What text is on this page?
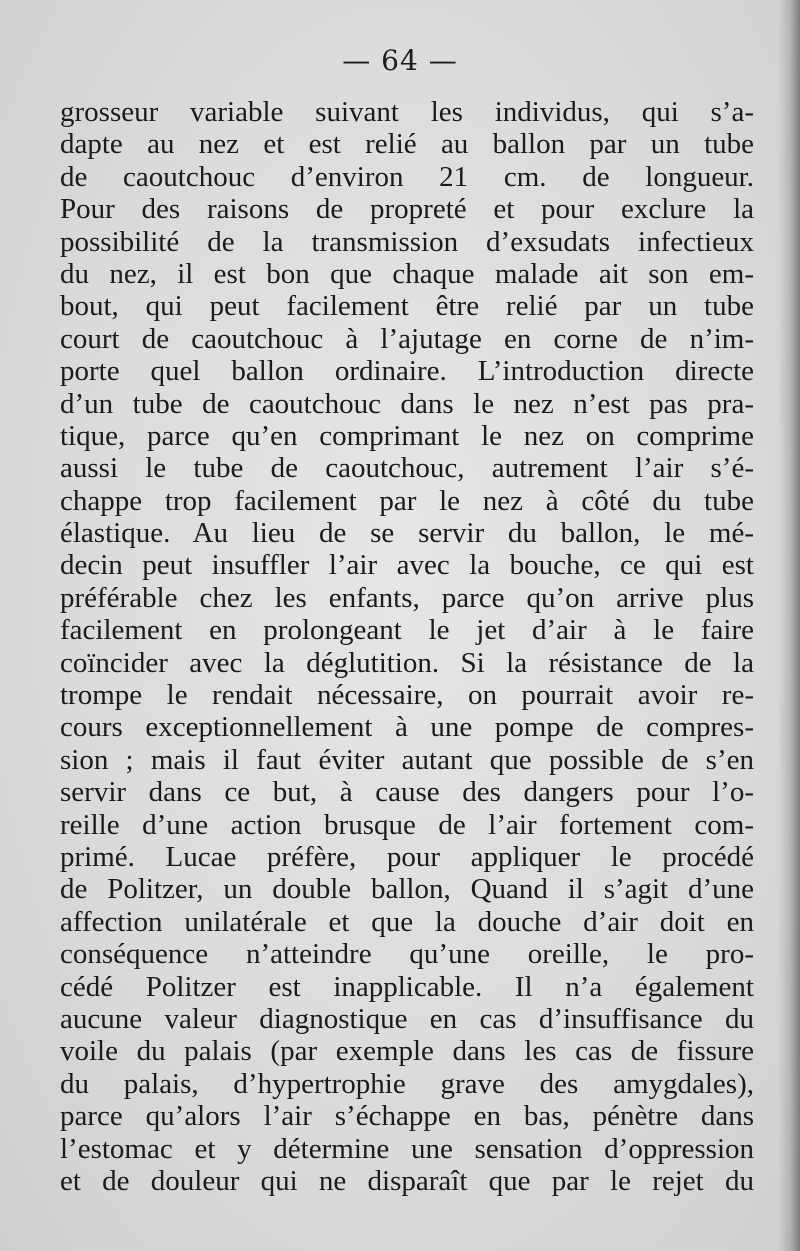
— 64 —
grosseur variable suivant les individus, qui s’a-
dapte au nez et est relié au ballon par un tube
de caoutchouc d’environ 21 cm. de longueur.
Pour des raisons de propreté et pour exclure la
possibilité de la transmission d’exsudats infectieux
du nez, il est bon que chaque malade ait son em-
bout, qui peut facilement être relié par un tube
court de caoutchouc à l’ajutage en corne de n’im-
porte quel ballon ordinaire. L’introduction directe
d’un tube de caoutchouc dans le nez n’est pas pra-
tique, parce qu’en comprimant le nez on comprime
aussi le tube de caoutchouc, autrement l’air s’é-
chappe trop facilement par le nez à côté du tube
élastique. Au lieu de se servir du ballon, le mé-
decin peut insuffler l’air avec la bouche, ce qui est
préférable chez les enfants, parce qu’on arrive plus
facilement en prolongeant le jet d’air à le faire
coïncider avec la déglutition. Si la résistance de la
trompe le rendait nécessaire, on pourrait avoir re-
cours exceptionnellement à une pompe de compres-
sion ; mais il faut éviter autant que possible de s’en
servir dans ce but, à cause des dangers pour l’o-
reille d’une action brusque de l’air fortement com-
primé. Lucae préfère, pour appliquer le procédé
de Politzer, un double ballon, Quand il s’agit d’une
affection unilatérale et que la douche d’air doit en
conséquence n’atteindre qu’une oreille, le pro-
cédé Politzer est inapplicable. Il n’a également
aucune valeur diagnostique en cas d’insuffisance du
voile du palais (par exemple dans les cas de fissure
du palais, d’hypertrophie grave des amygdales),
parce qu’alors l’air s’échappe en bas, pénètre dans
l’estomac et y détermine une sensation d’oppression
et de douleur qui ne disparaît que par le rejet du
